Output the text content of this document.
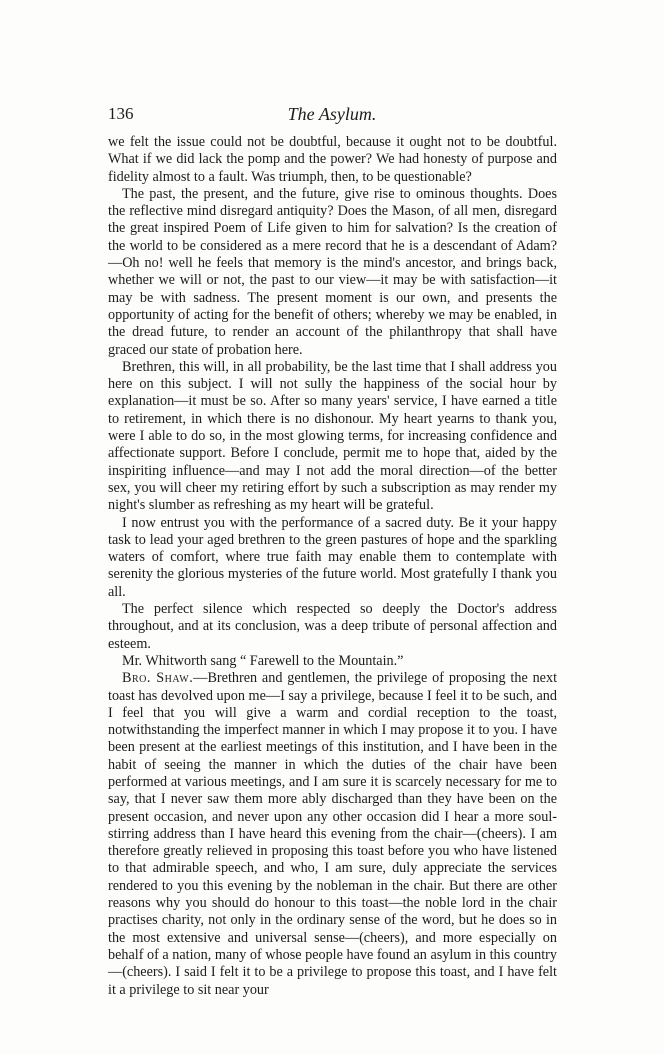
136	The Asylum.

we felt the issue could not be doubtful, because it ought not to be doubtful. What if we did lack the pomp and the power? We had honesty of purpose and fidelity almost to a fault. Was triumph, then, to be questionable?

The past, the present, and the future, give rise to ominous thoughts. Does the reflective mind disregard antiquity? Does the Mason, of all men, disregard the great inspired Poem of Life given to him for salvation? Is the creation of the world to be considered as a mere record that he is a descendant of Adam?—Oh no! well he feels that memory is the mind's ancestor, and brings back, whether we will or not, the past to our view—it may be with satisfaction—it may be with sadness. The present moment is our own, and presents the opportunity of acting for the benefit of others; whereby we may be enabled, in the dread future, to render an account of the philanthropy that shall have graced our state of probation here.

Brethren, this will, in all probability, be the last time that I shall address you here on this subject. I will not sully the happiness of the social hour by explanation—it must be so. After so many years' service, I have earned a title to retirement, in which there is no dishonour. My heart yearns to thank you, were I able to do so, in the most glowing terms, for increasing confidence and affectionate support. Before I conclude, permit me to hope that, aided by the inspiriting influence—and may I not add the moral direction—of the better sex, you will cheer my retiring effort by such a subscription as may render my night's slumber as refreshing as my heart will be grateful.

I now entrust you with the performance of a sacred duty. Be it your happy task to lead your aged brethren to the green pastures of hope and the sparkling waters of comfort, where true faith may enable them to contemplate with serenity the glorious mysteries of the future world. Most gratefully I thank you all.

The perfect silence which respected so deeply the Doctor's address throughout, and at its conclusion, was a deep tribute of personal affection and esteem.

Mr. Whitworth sang “ Farewell to the Mountain.”

Bro. Shaw.—Brethren and gentlemen, the privilege of proposing the next toast has devolved upon me—I say a privilege, because I feel it to be such, and I feel that you will give a warm and cordial reception to the toast, notwithstanding the imperfect manner in which I may propose it to you. I have been present at the earliest meetings of this institution, and I have been in the habit of seeing the manner in which the duties of the chair have been performed at various meetings, and I am sure it is scarcely necessary for me to say, that I never saw them more ably discharged than they have been on the present occasion, and never upon any other occasion did I hear a more soul-stirring address than I have heard this evening from the chair—(cheers). I am therefore greatly relieved in proposing this toast before you who have listened to that admirable speech, and who, I am sure, duly appreciate the services rendered to you this evening by the nobleman in the chair. But there are other reasons why you should do honour to this toast—the noble lord in the chair practises charity, not only in the ordinary sense of the word, but he does so in the most extensive and universal sense—(cheers), and more especially on behalf of a nation, many of whose people have found an asylum in this country—(cheers). I said I felt it to be a privilege to propose this toast, and I have felt it a privilege to sit near your
